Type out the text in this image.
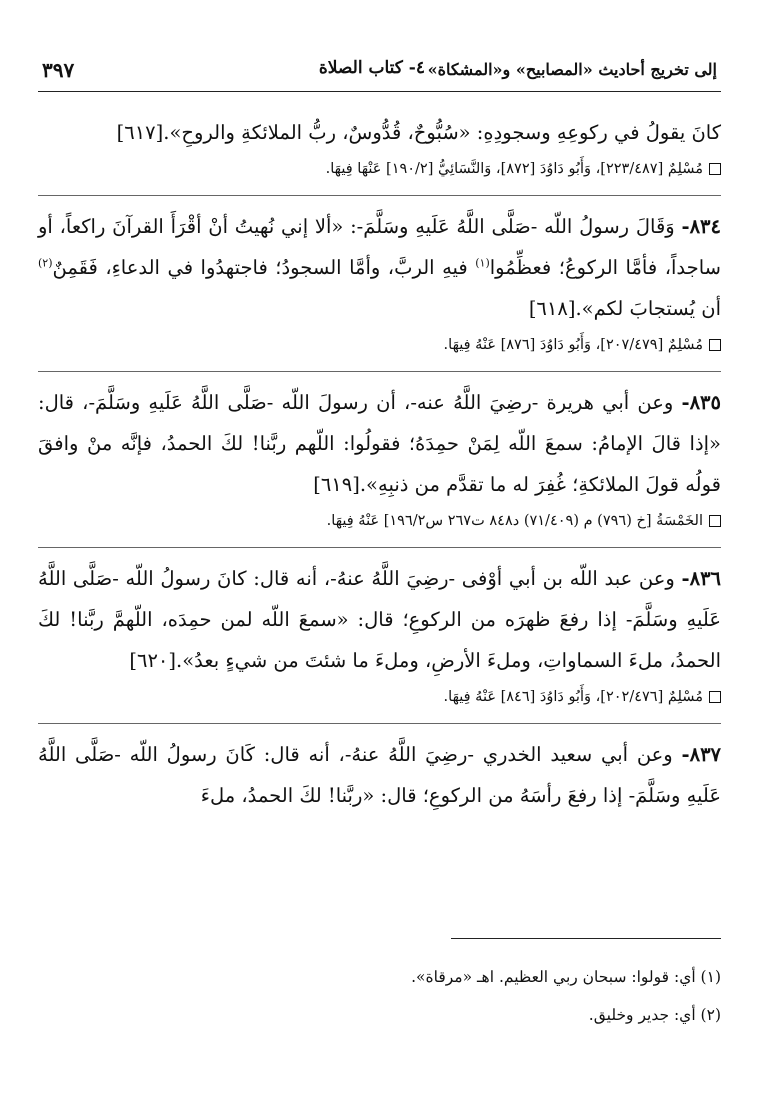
إلى تخريج أحاديث «المصابيح» و«المشكاة»
٤- كتاب الصلاة
٣٩٧

كانَ يقولُ في ركوعِهِ وسجودِهِ: «سُبُّوحٌ، قُدُّوسٌ، ربُّ الملائكةِ والروحِ».[٦١٧]

مُسْلِمٌ [٢٢٣/٤٨٧]، وَأَبُو دَاوُدَ [٨٧٢]، وَالنَّسَائِيُّ [١٩٠/٢] عَنْهَا فِيهَا.

٨٣٤- وَقَالَ رسولُ اللّه -صَلَّى اللَّهُ عَلَيهِ وسَلَّمَ-: «ألا إني نُهيتُ أنْ أقْرَأَ القرآنَ راكعاً، أو ساجداً، فأمَّا الركوعُ؛ فعظِّمُوا$^{(١)}$ فيهِ الربَّ، وأمَّا السجودُ؛ فاجتهدُوا في الدعاءِ، فَقَمِنٌ$^{(٢)}$ أن يُستجابَ لكم».[٦١٨]

مُسْلِمٌ [٢٠٧/٤٧٩]، وَأَبُو دَاوُدَ [٨٧٦] عَنْهُ فِيهَا.

٨٣٥- وعن أبي هريرة -رضِيَ اللَّهُ عنه-، أن رسولَ اللّه -صَلَّى اللَّهُ عَلَيهِ وسَلَّمَ-، قال: «إذا قالَ الإمامُ: سمعَ اللّه لِمَنْ حمِدَهُ؛ فقولُوا: اللّهم ربَّنا! لكَ الحمدُ، فإنَّه منْ وافقَ قولُه قولَ الملائكةِ؛ غُفِرَ له ما تقدَّم من ذنبِهِ».[٦١٩]

الخَمْسَةُ [خ (٧٩٦) م (٧١/٤٠٩) د٨٤٨ ت٢٦٧ س١٩٦/٢] عَنْهُ فِيهَا.

٨٣٦- وعن عبد اللّه بن أبي أوْفى -رضِيَ اللَّهُ عنهُ-، أنه قال: كانَ رسولُ اللّه -صَلَّى اللَّهُ عَلَيهِ وسَلَّمَ- إذا رفعَ ظهرَه من الركوعِ؛ قال: «سمعَ اللّه لمن حمِدَه، اللّهمَّ ربَّنا! لكَ الحمدُ، ملءَ السماواتِ، وملءَ الأرضِ، وملءَ ما شئتَ من شيءٍ بعدُ».[٦٢٠]

مُسْلِمٌ [٢٠٢/٤٧٦]، وَأَبُو دَاوُدَ [٨٤٦] عَنْهُ فِيهَا.

٨٣٧- وعن أبي سعيد الخدري -رضِيَ اللَّهُ عنهُ-، أنه قال: كَانَ رسولُ اللّه -صَلَّى اللَّهُ عَلَيهِ وسَلَّمَ- إذا رفعَ رأسَهُ من الركوعِ؛ قال: «ربَّنا! لكَ الحمدُ، ملءَ

(١) أي: قولوا: سبحان ربي العظيم. اهـ «مرقاة».

(٢) أي: جدير وخليق.
